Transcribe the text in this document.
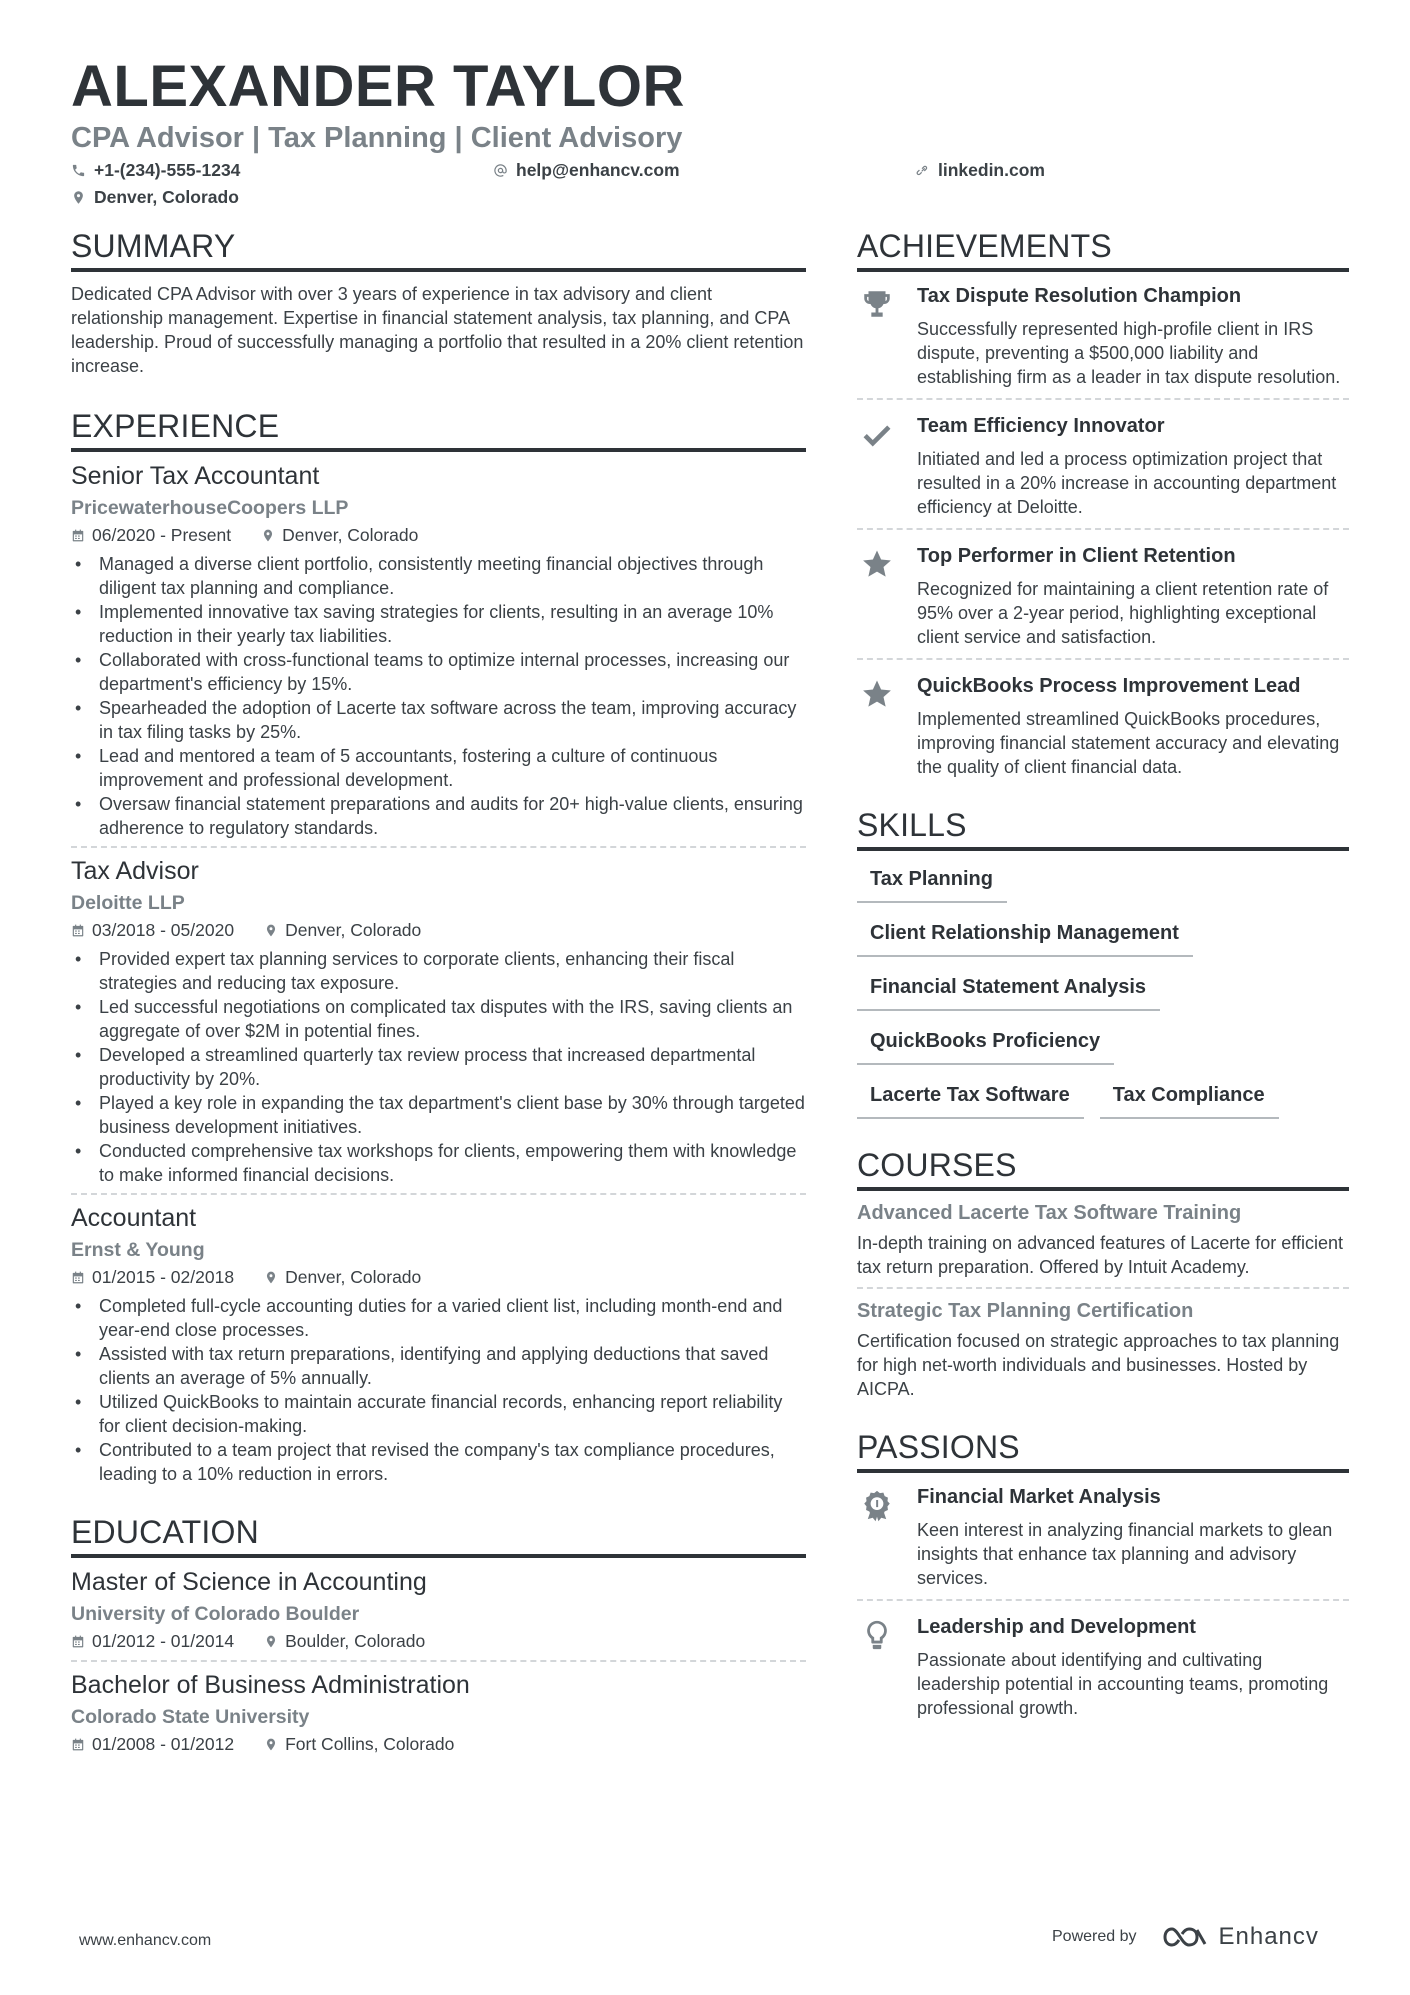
ALEXANDER TAYLOR
CPA Advisor | Tax Planning | Client Advisory
+1-(234)-555-1234	help@enhancv.com	linkedin.com
Denver, Colorado
SUMMARY
Dedicated CPA Advisor with over 3 years of experience in tax advisory and client relationship management. Expertise in financial statement analysis, tax planning, and CPA leadership. Proud of successfully managing a portfolio that resulted in a 20% client retention increase.
EXPERIENCE
Senior Tax Accountant
PricewaterhouseCoopers LLP
06/2020 - Present	Denver, Colorado
• Managed a diverse client portfolio, consistently meeting financial objectives through diligent tax planning and compliance.
• Implemented innovative tax saving strategies for clients, resulting in an average 10% reduction in their yearly tax liabilities.
• Collaborated with cross-functional teams to optimize internal processes, increasing our department's efficiency by 15%.
• Spearheaded the adoption of Lacerte tax software across the team, improving accuracy in tax filing tasks by 25%.
• Lead and mentored a team of 5 accountants, fostering a culture of continuous improvement and professional development.
• Oversaw financial statement preparations and audits for 20+ high-value clients, ensuring adherence to regulatory standards.
Tax Advisor
Deloitte LLP
03/2018 - 05/2020	Denver, Colorado
• Provided expert tax planning services to corporate clients, enhancing their fiscal strategies and reducing tax exposure.
• Led successful negotiations on complicated tax disputes with the IRS, saving clients an aggregate of over $2M in potential fines.
• Developed a streamlined quarterly tax review process that increased departmental productivity by 20%.
• Played a key role in expanding the tax department's client base by 30% through targeted business development initiatives.
• Conducted comprehensive tax workshops for clients, empowering them with knowledge to make informed financial decisions.
Accountant
Ernst & Young
01/2015 - 02/2018	Denver, Colorado
• Completed full-cycle accounting duties for a varied client list, including month-end and year-end close processes.
• Assisted with tax return preparations, identifying and applying deductions that saved clients an average of 5% annually.
• Utilized QuickBooks to maintain accurate financial records, enhancing report reliability for client decision-making.
• Contributed to a team project that revised the company's tax compliance procedures, leading to a 10% reduction in errors.
EDUCATION
Master of Science in Accounting
University of Colorado Boulder
01/2012 - 01/2014	Boulder, Colorado
Bachelor of Business Administration
Colorado State University
01/2008 - 01/2012	Fort Collins, Colorado
ACHIEVEMENTS
Tax Dispute Resolution Champion
Successfully represented high-profile client in IRS dispute, preventing a $500,000 liability and establishing firm as a leader in tax dispute resolution.
Team Efficiency Innovator
Initiated and led a process optimization project that resulted in a 20% increase in accounting department efficiency at Deloitte.
Top Performer in Client Retention
Recognized for maintaining a client retention rate of 95% over a 2-year period, highlighting exceptional client service and satisfaction.
QuickBooks Process Improvement Lead
Implemented streamlined QuickBooks procedures, improving financial statement accuracy and elevating the quality of client financial data.
SKILLS
Tax Planning
Client Relationship Management
Financial Statement Analysis
QuickBooks Proficiency
Lacerte Tax Software	Tax Compliance
COURSES
Advanced Lacerte Tax Software Training
In-depth training on advanced features of Lacerte for efficient tax return preparation. Offered by Intuit Academy.
Strategic Tax Planning Certification
Certification focused on strategic approaches to tax planning for high net-worth individuals and businesses. Hosted by AICPA.
PASSIONS
Financial Market Analysis
Keen interest in analyzing financial markets to glean insights that enhance tax planning and advisory services.
Leadership and Development
Passionate about identifying and cultivating leadership potential in accounting teams, promoting professional growth.
www.enhancv.com	Powered by	Enhancv
